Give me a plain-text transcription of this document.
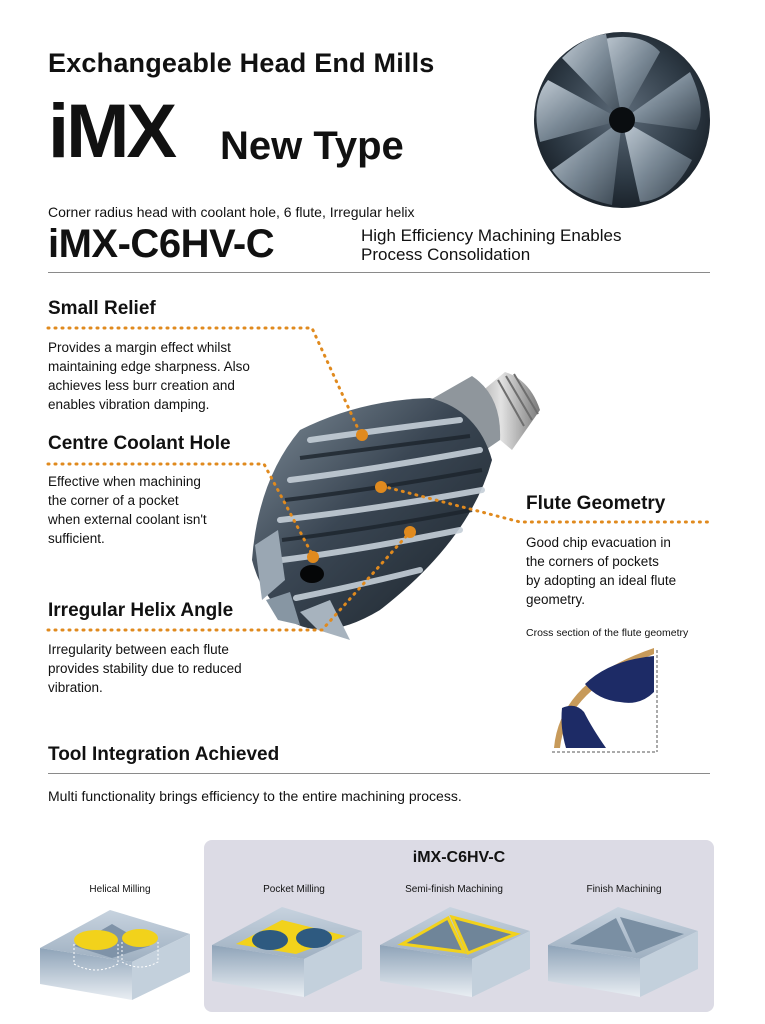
Exchangeable Head End Mills
iMX New Type
Corner radius head with coolant hole, 6 flute, Irregular helix
iMX-C6HV-C	High Efficiency Machining Enables
Process Consolidation
Small Relief
Provides a margin effect whilst
maintaining edge sharpness. Also
achieves less burr creation and
enables vibration damping.
Centre Coolant Hole
Effective when machining
the corner of a pocket
when external coolant isn't
sufficient.
Irregular Helix Angle
Irregularity between each flute
provides stability due to reduced
vibration.
Flute Geometry
Good chip evacuation in
the corners of pockets
by adopting an ideal flute
geometry.
Cross section of the flute geometry
Tool Integration Achieved
Multi functionality brings efficiency to the entire machining process.
iMX-C6HV-C
Helical Milling	Pocket Milling	Semi-finish Machining	Finish Machining
